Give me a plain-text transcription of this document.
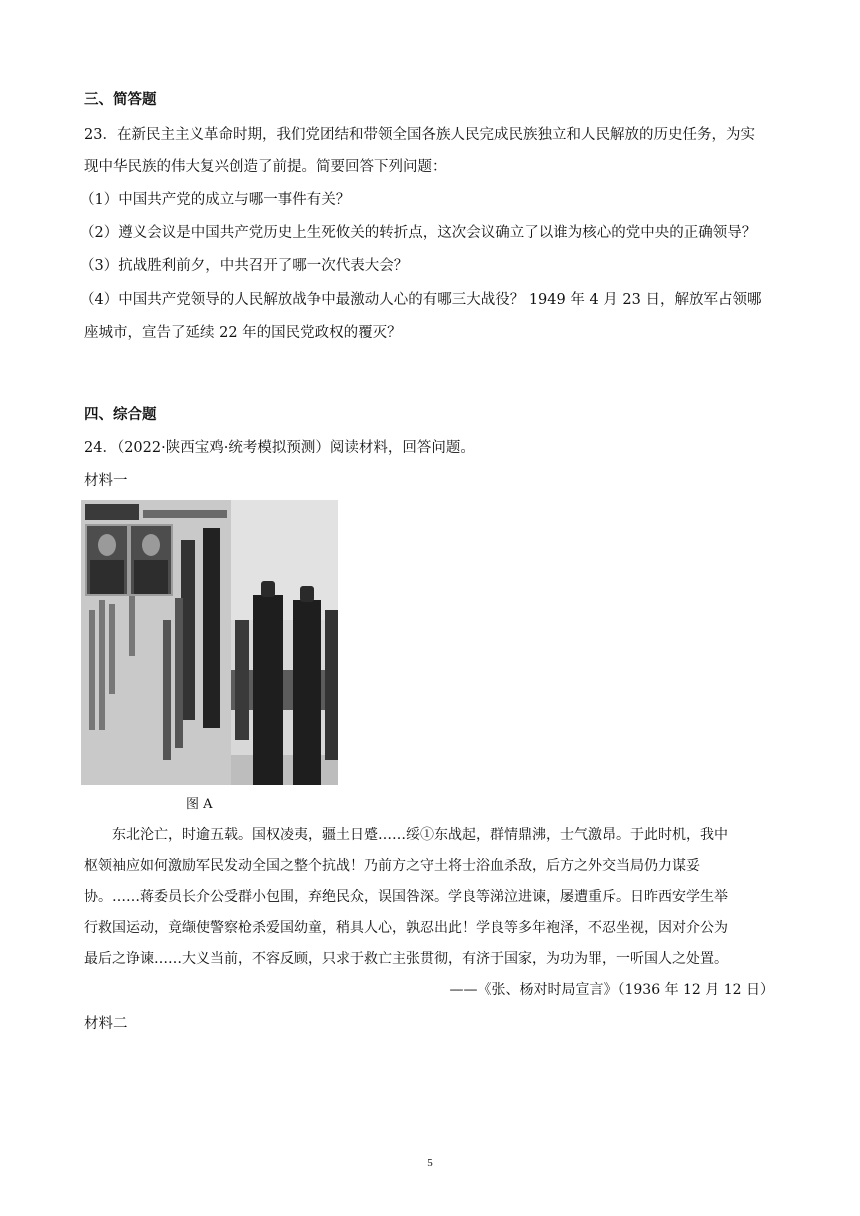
三、简答题
23．在新民主主义革命时期，我们党团结和带领全国各族人民完成民族独立和人民解放的历史任务，为实
现中华民族的伟大复兴创造了前提。简要回答下列问题：
（1）中国共产党的成立与哪一事件有关？
（2）遵义会议是中国共产党历史上生死攸关的转折点，这次会议确立了以谁为核心的党中央的正确领导？
（3）抗战胜利前夕，中共召开了哪一次代表大会？
（4）中国共产党领导的人民解放战争中最激动人心的有哪三大战役？ 1949 年 4 月 23 日，解放军占领哪
座城市，宣告了延续 22 年的国民党政权的覆灭？
四、综合题
24．（2022·陕西宝鸡·统考模拟预测）阅读材料，回答问题。
材料一
图 A
东北沦亡，时逾五载。国权凌夷，疆土日蹙……绥①东战起，群情鼎沸，士气激昂。于此时机，我中
枢领袖应如何激励军民发动全国之整个抗战！乃前方之守土将士浴血杀敌，后方之外交当局仍力谋妥
协。……蒋委员长介公受群小包围，弃绝民众，误国咎深。学良等涕泣进谏，屡遭重斥。日昨西安学生举
行救国运动，竟缬使警察枪杀爱国幼童，稍具人心，孰忍出此！学良等多年袍泽，不忍坐视，因对介公为
最后之诤谏……大义当前，不容反顾，只求于救亡主张贯彻，有济于国家，为功为罪，一听国人之处置。
——《张、杨对时局宣言》（1936 年 12 月 12 日）
材料二
5
